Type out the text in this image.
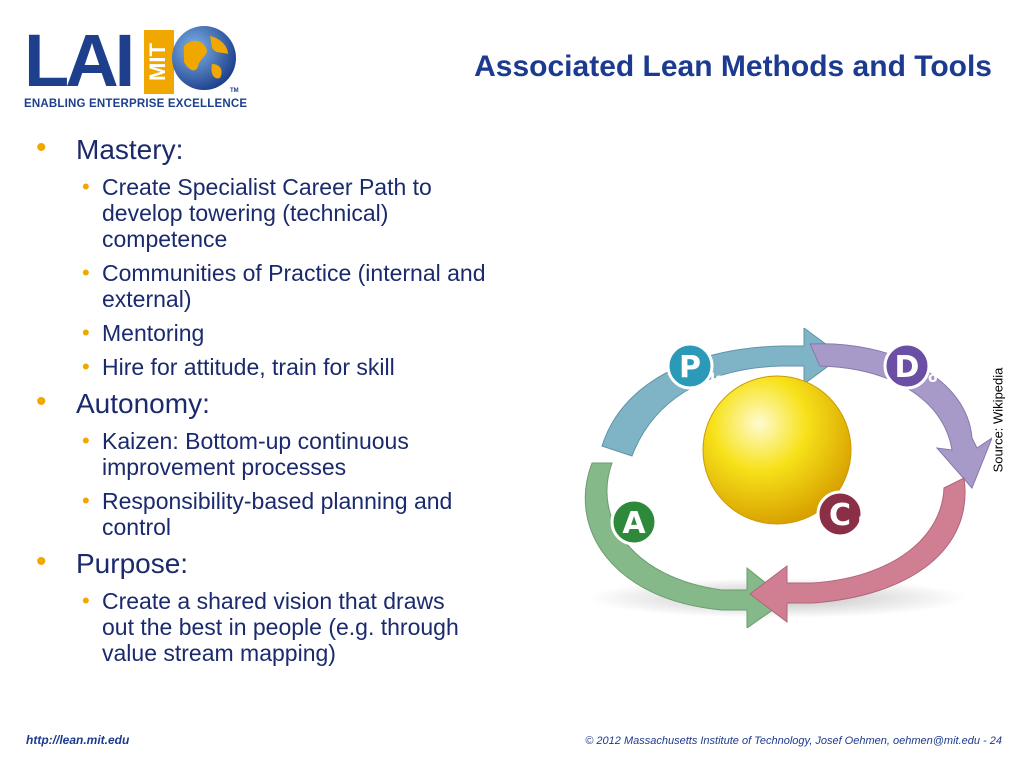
LAI MIT
TM
ENABLING ENTERPRISE EXCELLENCE
Associated Lean Methods and Tools
• Mastery:
• Create Specialist Career Path to develop towering (technical) competence
• Communities of Practice (internal and external)
• Mentoring
• Hire for attitude, train for skill
• Autonomy:
• Kaizen: Bottom-up continuous improvement processes
• Responsibility-based planning and control
• Purpose:
• Create a shared vision that draws out the best in people (e.g. through value stream mapping)
P lan	D o
C heck
A ct
Source: Wikipedia
http://lean.mit.edu	© 2012 Massachusetts Institute of Technology, Josef Oehmen, oehmen@mit.edu - 24
